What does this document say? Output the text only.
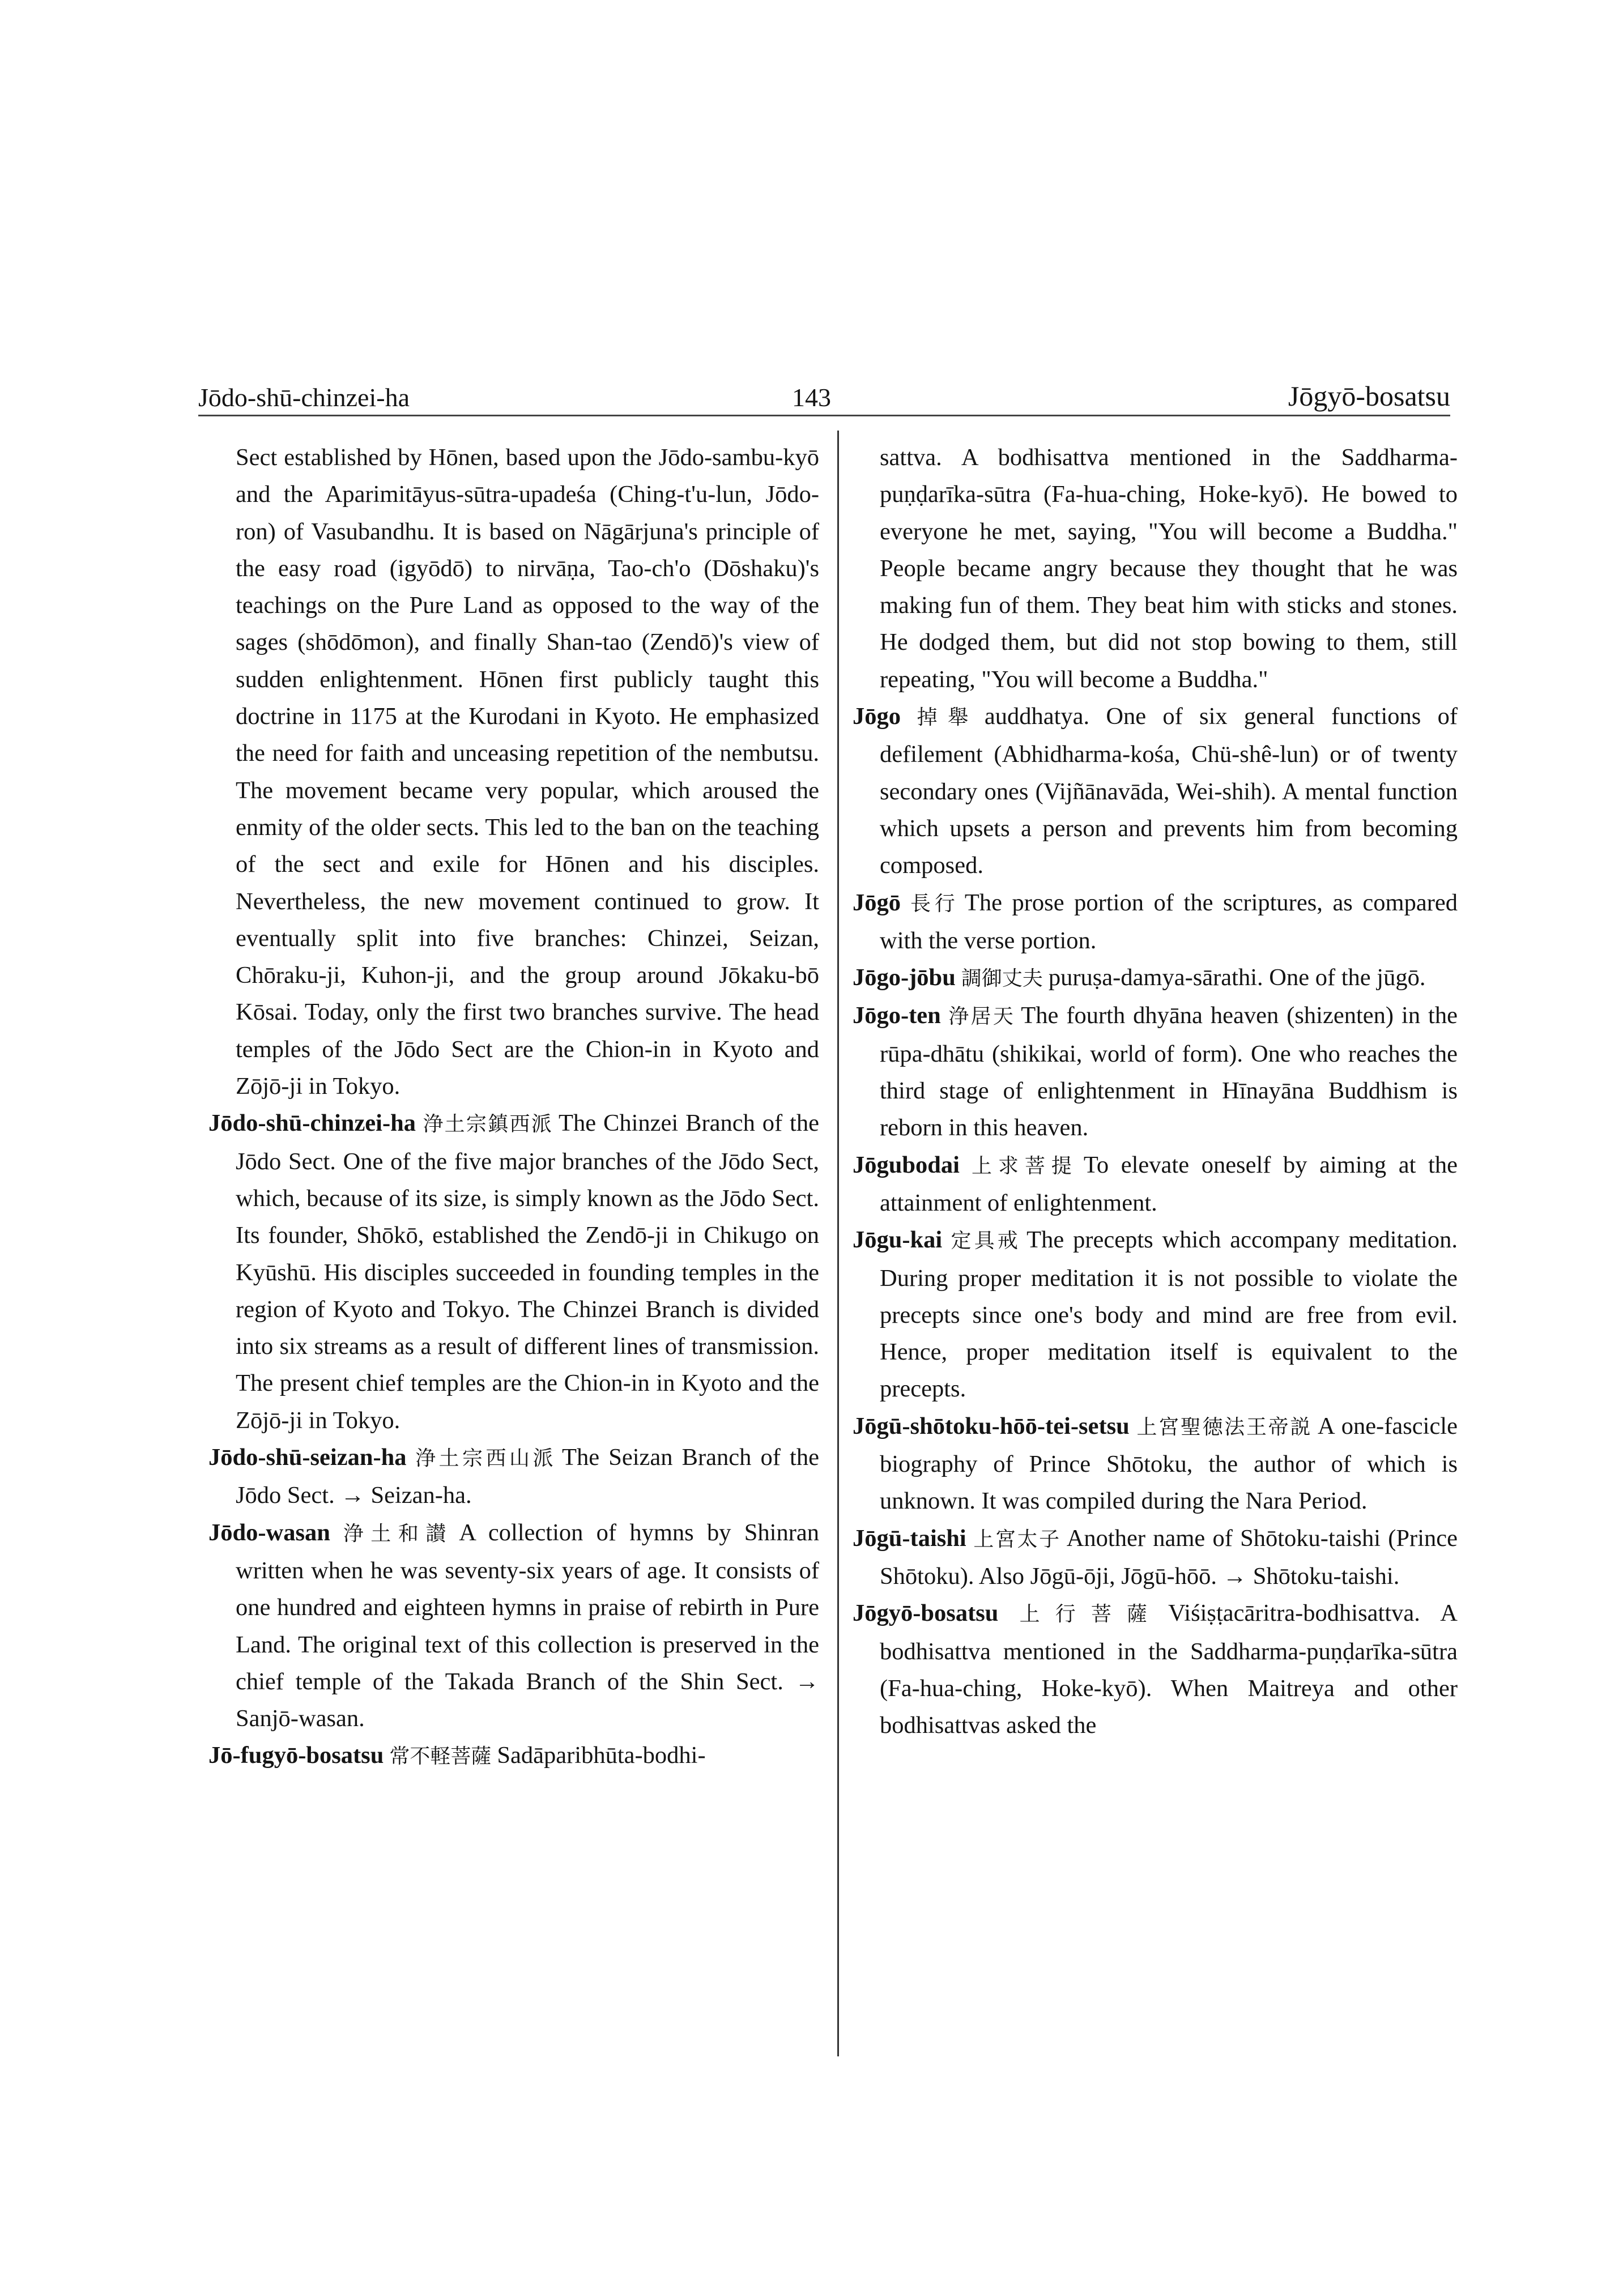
Jōdo-shū-chinzei-ha	143	Jōgyō-bosatsu

Sect established by Hōnen, based upon the Jōdo-sambu-kyō and the Aparimitāyus-sūtra-upadeśa (Ching-t'u-lun, Jōdo-ron) of Vasubandhu. It is based on Nāgārjuna's principle of the easy road (igyōdō) to nirvāṇa, Tao-ch'o (Dōshaku)'s teachings on the Pure Land as opposed to the way of the sages (shōdōmon), and finally Shan-tao (Zendō)'s view of sudden enlightenment. Hōnen first publicly taught this doctrine in 1175 at the Kurodani in Kyoto. He emphasized the need for faith and unceasing repetition of the nembutsu. The movement became very popular, which aroused the enmity of the older sects. This led to the ban on the teaching of the sect and exile for Hōnen and his disciples. Nevertheless, the new movement continued to grow. It eventually split into five branches: Chinzei, Seizan, Chōraku-ji, Kuhon-ji, and the group around Jōkaku-bō Kōsai. Today, only the first two branches survive. The head temples of the Jōdo Sect are the Chion-in in Kyoto and Zōjō-ji in Tokyo.

Jōdo-shū-chinzei-ha 浄土宗鎮西派 The Chinzei Branch of the Jōdo Sect. One of the five major branches of the Jōdo Sect, which, because of its size, is simply known as the Jōdo Sect. Its founder, Shōkō, established the Zendō-ji in Chikugo on Kyūshū. His disciples succeeded in founding temples in the region of Kyoto and Tokyo. The Chinzei Branch is divided into six streams as a result of different lines of transmission. The present chief temples are the Chion-in in Kyoto and the Zōjō-ji in Tokyo.

Jōdo-shū-seizan-ha 浄土宗西山派 The Seizan Branch of the Jōdo Sect. → Seizan-ha.

Jōdo-wasan 浄土和讃 A collection of hymns by Shinran written when he was seventy-six years of age. It consists of one hundred and eighteen hymns in praise of rebirth in Pure Land. The original text of this collection is preserved in the chief temple of the Takada Branch of the Shin Sect. → Sanjō-wasan.

Jō-fugyō-bosatsu 常不軽菩薩 Sadāparibhūta-bodhi-

sattva. A bodhisattva mentioned in the Saddharma-puṇḍarīka-sūtra (Fa-hua-ching, Hoke-kyō). He bowed to everyone he met, saying, "You will become a Buddha." People became angry because they thought that he was making fun of them. They beat him with sticks and stones. He dodged them, but did not stop bowing to them, still repeating, "You will become a Buddha."

Jōgo 掉舉 auddhatya. One of six general functions of defilement (Abhidharma-kośa, Chü-shê-lun) or of twenty secondary ones (Vijñānavāda, Wei-shih). A mental function which upsets a person and prevents him from becoming composed.

Jōgō 長行 The prose portion of the scriptures, as compared with the verse portion.

Jōgo-jōbu 調御丈夫 puruṣa-damya-sārathi. One of the jūgō.

Jōgo-ten 浄居天 The fourth dhyāna heaven (shizenten) in the rūpa-dhātu (shikikai, world of form). One who reaches the third stage of enlightenment in Hīnayāna Buddhism is reborn in this heaven.

Jōgubodai 上求菩提 To elevate oneself by aiming at the attainment of enlightenment.

Jōgu-kai 定具戒 The precepts which accompany meditation. During proper meditation it is not possible to violate the precepts since one's body and mind are free from evil. Hence, proper meditation itself is equivalent to the precepts.

Jōgū-shōtoku-hōō-tei-setsu 上宮聖徳法王帝説 A one-fascicle biography of Prince Shōtoku, the author of which is unknown. It was compiled during the Nara Period.

Jōgū-taishi 上宮太子 Another name of Shōtoku-taishi (Prince Shōtoku). Also Jōgū-ōji, Jōgū-hōō. → Shōtoku-taishi.

Jōgyō-bosatsu 上行菩薩 Viśiṣṭacāritra-bodhisattva. A bodhisattva mentioned in the Saddharma-puṇḍarīka-sūtra (Fa-hua-ching, Hoke-kyō). When Maitreya and other bodhisattvas asked the
